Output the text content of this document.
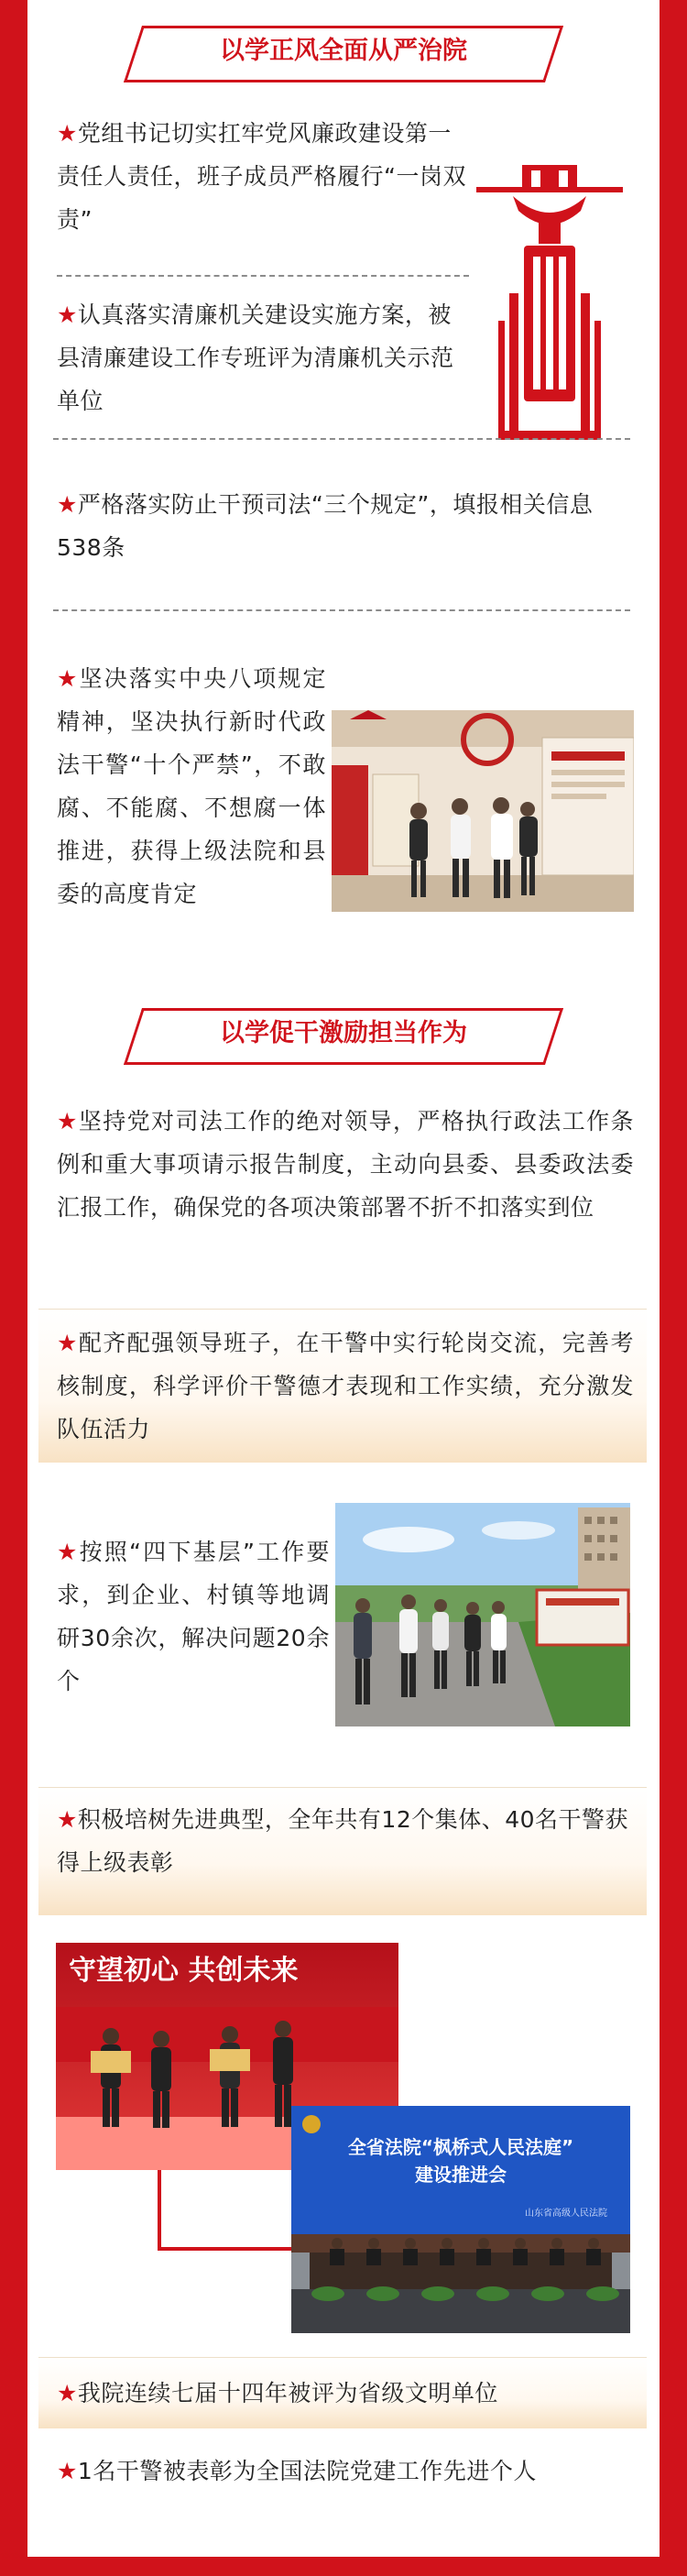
以学正风全面从严治院
★党组书记切实扛牢党风廉政建设第一责任人责任，班子成员严格履行“一岗双责”
★认真落实清廉机关建设实施方案，被县清廉建设工作专班评为清廉机关示范单位
★严格落实防止干预司法“三个规定”，填报相关信息538条
★坚决落实中央八项规定精神，坚决执行新时代政法干警“十个严禁”，不敢腐、不能腐、不想腐一体推进，获得上级法院和县委的高度肯定
以学促干激励担当作为
★坚持党对司法工作的绝对领导，严格执行政法工作条例和重大事项请示报告制度，主动向县委、县委政法委汇报工作，确保党的各项决策部署不折不扣落实到位
★配齐配强领导班子，在干警中实行轮岗交流，完善考核制度，科学评价干警德才表现和工作实绩，充分激发队伍活力
★按照“四下基层”工作要求，到企业、村镇等地调研30余次，解决问题20余个
★积极培树先进典型，全年共有12个集体、40名干警获得上级表彰
守望初心 共创未来
全省法院“枫桥式人民法庭”
建设推进会
山东省高级人民法院
★我院连续七届十四年被评为省级文明单位
★1名干警被表彰为全国法院党建工作先进个人
